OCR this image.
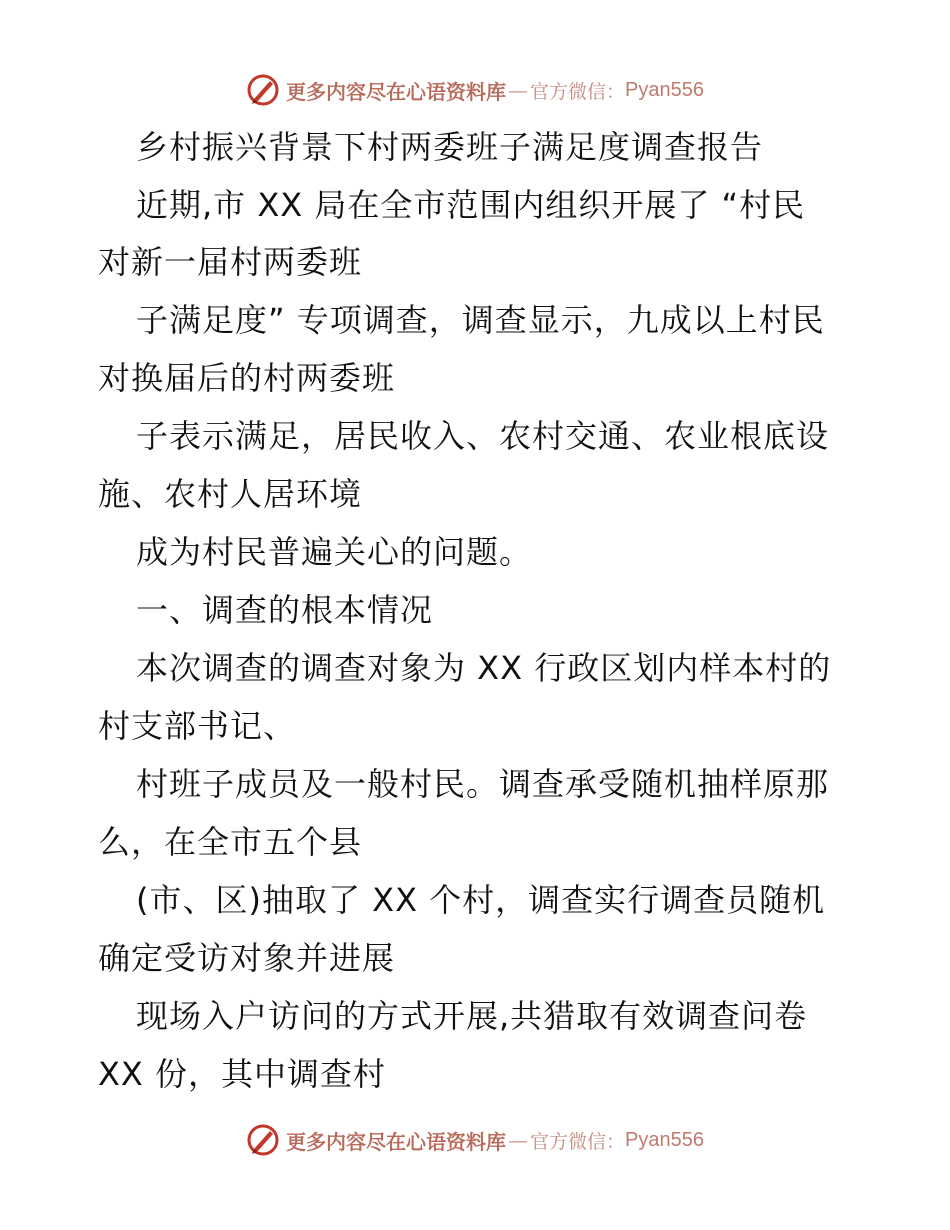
更多内容尽在心语资料库 — 官方微信： Pyan556
乡村振兴背景下村两委班子满足度调查报告
近期,市 XX 局在全市范围内组织开展了 “村民
对新一届村两委班
子满足度” 专项调查，调查显示，九成以上村民
对换届后的村两委班
子表示满足，居民收入、农村交通、农业根底设
施、农村人居环境
成为村民普遍关心的问题。
一、调查的根本情况
本次调查的调查对象为 XX 行政区划内样本村的
村支部书记、
村班子成员及一般村民。调查承受随机抽样原那
么，在全市五个县
(市、区)抽取了 XX 个村，调查实行调查员随机
确定受访对象并进展
现场入户访问的方式开展,共猎取有效调查问卷
XX 份，其中调查村
更多内容尽在心语资料库 — 官方微信： Pyan556
